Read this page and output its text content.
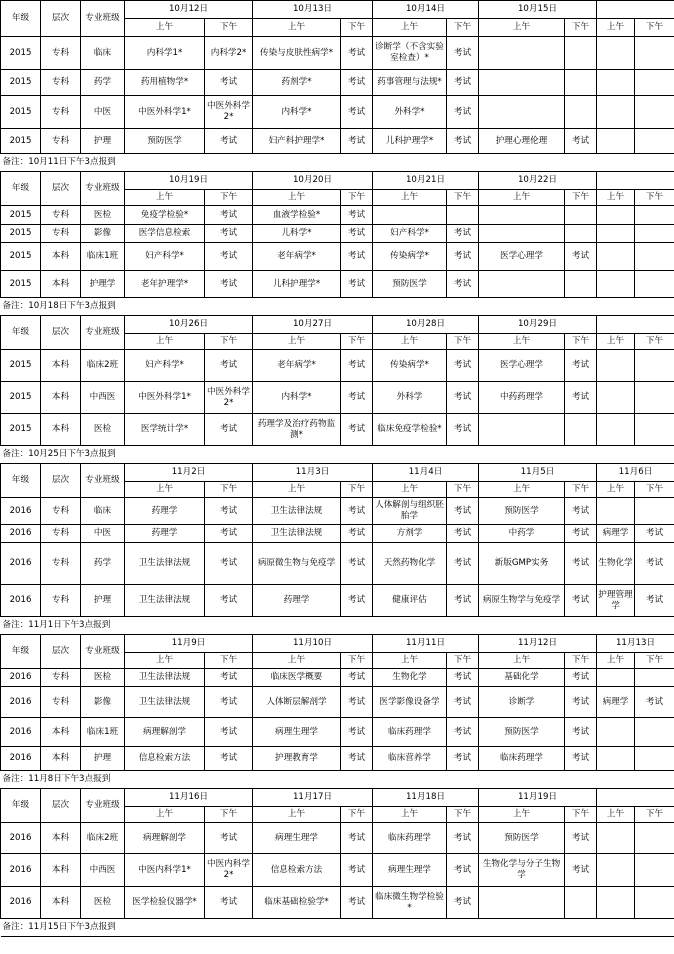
年级	层次	专业班级	10月12日		10月13日		10月14日		10月15日			
			上午	下午	上午	下午	上午	下午	上午	下午	上午	下午
2015	专科	临床	内科学1*	内科学2*	传染与皮肤性病学*	考试	诊断学（不含实验室检查）*	考试				
2015	专科	药学	药用植物学*	考试	药剂学*	考试	药事管理与法规*	考试				
2015	专科	中医	中医外科学1*	中医外科学2*	内科学*	考试	外科学*	考试				
2015	专科	护理	预防医学	考试	妇产科护理学*	考试	儿科护理学*	考试	护理心理伦理	考试		
备注：10月11日下午3点报到												
年级	层次	专业班级	10月19日		10月20日		10月21日		10月22日			
			上午	下午	上午	下午	上午	下午	上午	下午	上午	下午
2015	专科	医检	免疫学检验*	考试	血液学检验*	考试						
2015	专科	影像	医学信息检索	考试	儿科学*	考试	妇产科学*	考试				
2015	本科	临床1班	妇产科学*	考试	老年病学*	考试	传染病学*	考试	医学心理学	考试		
2015	本科	护理学	老年护理学*	考试	儿科护理学*	考试	预防医学	考试				
备注：10月18日下午3点报到												
年级	层次	专业班级	10月26日		10月27日		10月28日		10月29日			
			上午	下午	上午	下午	上午	下午	上午	下午	上午	下午
2015	本科	临床2班	妇产科学*	考试	老年病学*	考试	传染病学*	考试	医学心理学	考试		
2015	本科	中西医	中医外科学1*	中医外科学2*	内科学*	考试	外科学	考试	中药药理学	考试		
2015	本科	医检	医学统计学*	考试	药理学及治疗药物监测*	考试	临床免疫学检验*	考试				
备注：10月25日下午3点报到												
年级	层次	专业班级	11月2日		11月3日		11月4日		11月5日		11月6日	
			上午	下午	上午	下午	上午	下午	上午	下午	上午	下午
2016	专科	临床	药理学	考试	卫生法律法规	考试	人体解剖与组织胚胎学	考试	预防医学	考试		
2016	专科	中医	药理学	考试	卫生法律法规	考试	方剂学	考试	中药学	考试	病理学	考试
2016	专科	药学	卫生法律法规	考试	病原微生物与免疫学	考试	天然药物化学	考试	新版GMP实务	考试	生物化学	考试
2016	专科	护理	卫生法律法规	考试	药理学	考试	健康评估	考试	病原生物学与免疫学	考试	护理管理学	考试
备注：11月1日下午3点报到												
年级	层次	专业班级	11月9日		11月10日		11月11日		11月12日		11月13日	
			上午	下午	上午	下午	上午	下午	上午	下午	上午	下午
2016	专科	医检	卫生法律法规	考试	临床医学概要	考试	生物化学	考试	基础化学	考试		
2016	专科	影像	卫生法律法规	考试	人体断层解剖学	考试	医学影像设备学	考试	诊断学	考试	病理学	考试
2016	本科	临床1班	病理解剖学	考试	病理生理学	考试	临床药理学	考试	预防医学	考试		
2016	本科	护理	信息检索方法	考试	护理教育学	考试	临床营养学	考试	临床药理学	考试		
备注：11月8日下午3点报到												
年级	层次	专业班级	11月16日		11月17日		11月18日		11月19日			
			上午	下午	上午	下午	上午	下午	上午	下午	上午	下午
2016	本科	临床2班	病理解剖学	考试	病理生理学	考试	临床药理学	考试	预防医学	考试		
2016	本科	中西医	中医内科学1*	中医内科学2*	信息检索方法	考试	病理生理学	考试	生物化学与分子生物学	考试		
2016	本科	医检	医学检验仪器学*	考试	临床基础检验学*	考试	临床微生物学检验*	考试				
备注：11月15日下午3点报到												
